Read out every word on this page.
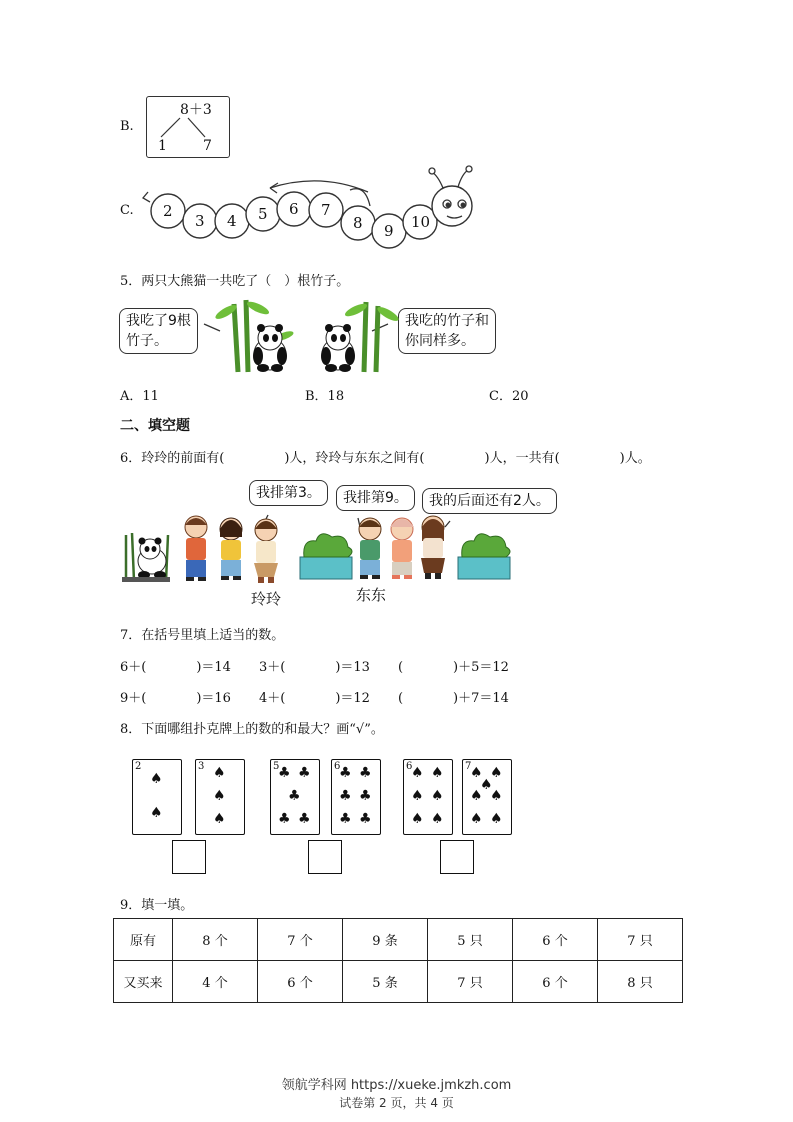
B.
8＋3
1	7
C. 2
3 4 5 6 7
8 9 10
5．两只大熊猫一共吃了（　）根竹子。
我吃了9根
竹子。
我吃的竹子和
你同样多。
A．11	B．18	C．20
二、填空题
6．玲玲的前面有(	)人，玲玲与东东之间有(	)人，一共有(	)人。
我排第3。	我排第9。	我的后面还有2人。
玲玲	东东
7．在括号里填上适当的数。
6＋(	)＝14 3＋(	)＝13 (	)＋5＝12
9＋(	)＝16 4＋(	)＝12 (	)＋7＝14
8．下面哪组扑克牌上的数的和最大？画“√”。
2
♠
♠
3 ♠
♠
♠
5
♣ ♣
♣
♣ ♣
6
♣ ♣
♣ ♣
♣ ♣
6
♠ ♠
♠ ♠
♠ ♠
7
♠ ♠
♠
♠ ♠
♠ ♠
9．填一填。
原有	8 个	7 个	9 条	5 只	6 个	7 只
又买来	4 个	6 个	5 条	7 只	6 个	8 只
领航学科网 https://xueke.jmkzh.com
试卷第 2 页，共 4 页
